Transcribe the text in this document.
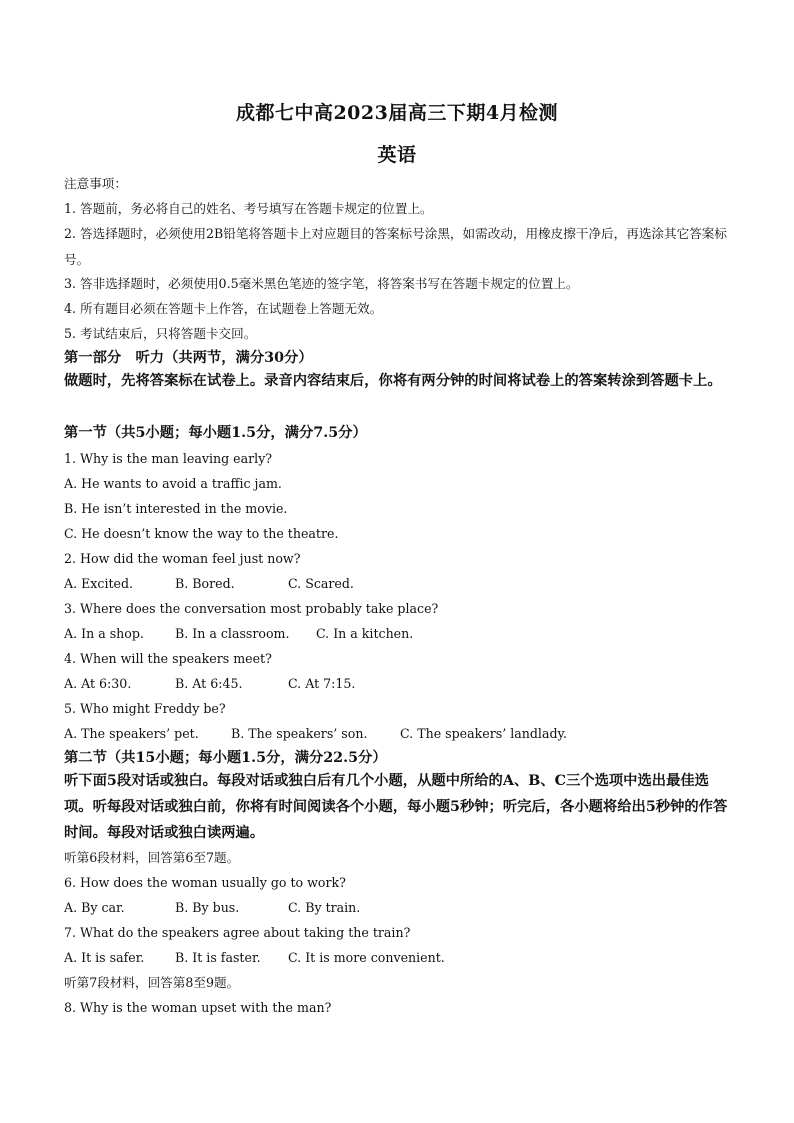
成都七中高2023届高三下期4月检测
英语
注意事项：
1. 答题前，务必将自己的姓名、考号填写在答题卡规定的位置上。
2. 答选择题时，必须使用2B铅笔将答题卡上对应题目的答案标号涂黑，如需改动，用橡皮擦干净后，再选涂其它答案标号。
3. 答非选择题时，必须使用0.5毫米黑色笔迹的签字笔，将答案书写在答题卡规定的位置上。
4. 所有题目必须在答题卡上作答，在试题卷上答题无效。
5. 考试结束后，只将答题卡交回。
第一部分　听力（共两节，满分30分）
做题时，先将答案标在试卷上。录音内容结束后，你将有两分钟的时间将试卷上的答案转涂到答题卡上。
第一节（共5小题；每小题1.5分，满分7.5分）
1. Why is the man leaving early?
A. He wants to avoid a traffic jam.
B. He isn’t interested in the movie.
C. He doesn’t know the way to the theatre.
2. How did the woman feel just now?
A. Excited.	B. Bored.	C. Scared.
3. Where does the conversation most probably take place?
A. In a shop. B. In a classroom. C. In a kitchen.
4. When will the speakers meet?
A. At 6:30.	B. At 6:45.	C. At 7:15.
5. Who might Freddy be?
A. The speakers’ pet.	B. The speakers’ son.	C. The speakers’ landlady.
第二节（共15小题；每小题1.5分，满分22.5分）
听下面5段对话或独白。每段对话或独白后有几个小题，从题中所给的A、B、C三个选项中选出最佳选项。听每段对话或独白前，你将有时间阅读各个小题，每小题5秒钟；听完后，各小题将给出5秒钟的作答时间。每段对话或独白读两遍。
听第6段材料，回答第6至7题。
6. How does the woman usually go to work?
A. By car.	B. By bus.	C. By train.
7. What do the speakers agree about taking the train?
A. It is safer. B. It is faster. C. It is more convenient.
听第7段材料，回答第8至9题。
8. Why is the woman upset with the man?
